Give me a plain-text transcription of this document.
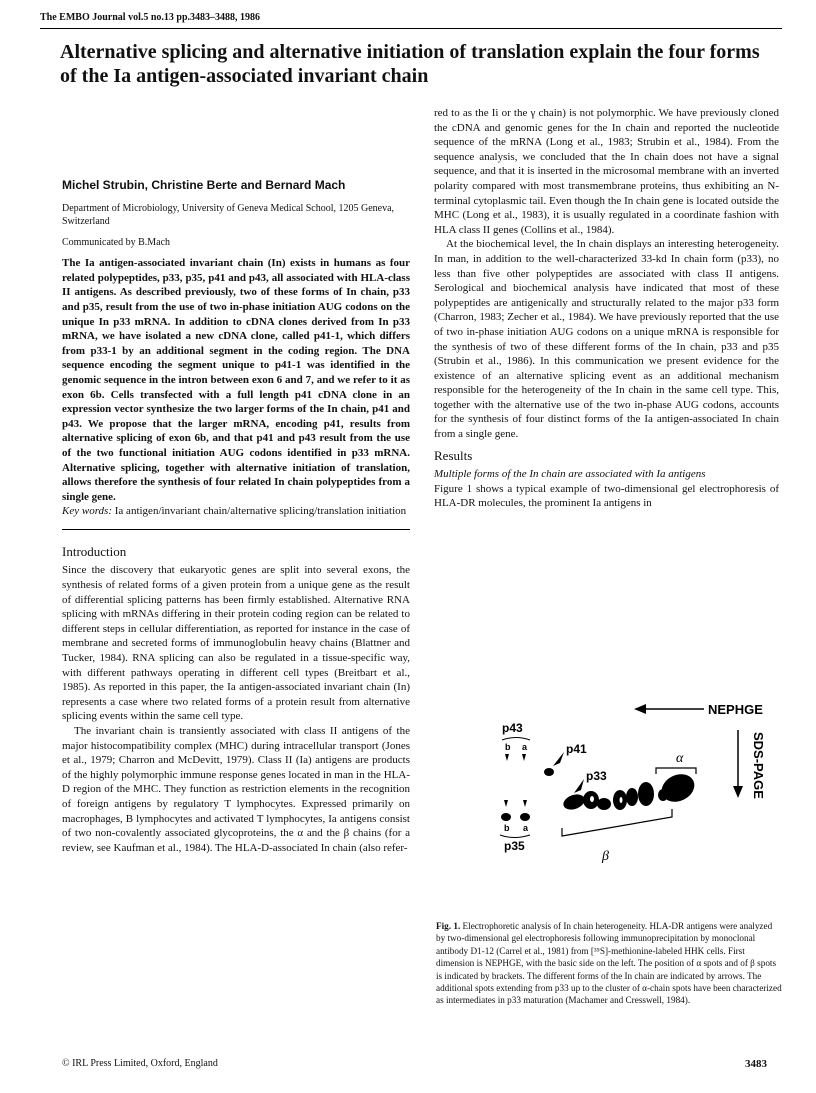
The EMBO Journal vol.5 no.13 pp.3483–3488, 1986
Alternative splicing and alternative initiation of translation explain the four forms of the Ia antigen-associated invariant chain
Michel Strubin, Christine Berte and Bernard Mach
Department of Microbiology, University of Geneva Medical School, 1205 Geneva, Switzerland
Communicated by B.Mach

The Ia antigen-associated invariant chain (In) exists in humans as four related polypeptides, p33, p35, p41 and p43, all associated with HLA-class II antigens. As described previously, two of these forms of In chain, p33 and p35, result from the use of two in-phase initiation AUG codons on the unique In p33 mRNA. In addition to cDNA clones derived from In p33 mRNA, we have isolated a new cDNA clone, called p41-1, which differs from p33-1 by an additional segment in the coding region. The DNA sequence encoding the segment unique to p41-1 was identified in the genomic sequence in the intron between exon 6 and 7, and we refer to it as exon 6b. Cells transfected with a full length p41 cDNA clone in an expression vector synthesize the two larger forms of the In chain, p41 and p43. We propose that the larger mRNA, encoding p41, results from alternative splicing of exon 6b, and that p41 and p43 result from the use of the two functional initiation AUG codons identified in p33 mRNA. Alternative splicing, together with alternative initiation of translation, allows therefore the synthesis of four related In chain polypeptides from a single gene.

Key words: Ia antigen/invariant chain/alternative splicing/translation initiation

Introduction

Since the discovery that eukaryotic genes are split into several exons, the synthesis of related forms of a given protein from a unique gene as the result of differential splicing patterns has been firmly established. Alternative RNA splicing with mRNAs differing in their protein coding region can be related to different steps in cellular differentiation, as reported for instance in the case of membrane and secreted forms of immunoglobulin heavy chains (Blattner and Tucker, 1984). RNA splicing can also be regulated in a tissue-specific way, with different pathways operating in different cell types (Breitbart et al., 1985). As reported in this paper, the Ia antigen-associated invariant chain (In) represents a case where two related forms of a protein result from alternative splicing events within the same cell type.

The invariant chain is transiently associated with class II antigens of the major histocompatibility complex (MHC) during intracellular transport (Jones et al., 1979; Charron and McDevitt, 1979). Class II (Ia) antigens are products of the highly polymorphic immune response genes located in man in the HLA-D region of the MHC. They function as restriction elements in the recognition of foreign antigens by regulatory T lymphocytes. Expressed primarily on macrophages, B lymphocytes and activated T lymphocytes, Ia antigens consist of two non-covalently associated glycoproteins, the α and the β chains (for a review, see Kaufman et al., 1984). The HLA-D-associated In chain (also refer-

red to as the Ii or the γ chain) is not polymorphic. We have previously cloned the cDNA and genomic genes for the In chain and reported the nucleotide sequence of the mRNA (Long et al., 1983; Strubin et al., 1984). From the sequence analysis, we concluded that the In chain does not have a signal sequence, and that it is inserted in the microsomal membrane with an inverted polarity compared with most transmembrane proteins, thus exhibiting an N-terminal cytoplasmic tail. Even though the In chain gene is located outside the MHC (Long et al., 1983), it is usually regulated in a coordinate fashion with HLA class II genes (Collins et al., 1984).

At the biochemical level, the In chain displays an interesting heterogeneity. In man, in addition to the well-characterized 33-kd In chain form (p33), no less than five other polypeptides are associated with class II antigens. Serological and biochemical analysis have indicated that most of these polypeptides are antigenically and structurally related to the major p33 form (Charron, 1983; Zecher et al., 1984). We have previously reported that the use of two in-phase initiation AUG codons on a unique mRNA is responsible for the synthesis of two of these different forms of the In chain, p33 and p35 (Strubin et al., 1986). In this communication we present evidence for the existence of an alternative splicing event as an additional mechanism responsible for the heterogeneity of the In chain in the same cell type. This, together with the alternative use of the two in-phase AUG codons, accounts for the synthesis of four distinct forms of the Ia antigen-associated In chain from a single gene.

Results

Multiple forms of the In chain are associated with Ia antigens

Figure 1 shows a typical example of two-dimensional gel electrophoresis of HLA-DR molecules, the prominent Ia antigens in

NEPHGE
SDS-PAGE
p43
b a	p41
p33
α
b a
p35
β
Fig. 1. Electrophoretic analysis of In chain heterogeneity. HLA-DR antigens were analyzed by two-dimensional gel electrophoresis following immunoprecipitation by monoclonal antibody D1-12 (Carrel et al., 1981) from [³⁵S]-methionine-labeled HHK cells. First dimension is NEPHGE, with the basic side on the left. The position of α spots and of β spots is indicated by brackets. The different forms of the In chain are indicated by arrows. The additional spots extending from p33 up to the cluster of α-chain spots have been characterized as intermediates in p33 maturation (Machamer and Cresswell, 1984).
© IRL Press Limited, Oxford, England	3483
